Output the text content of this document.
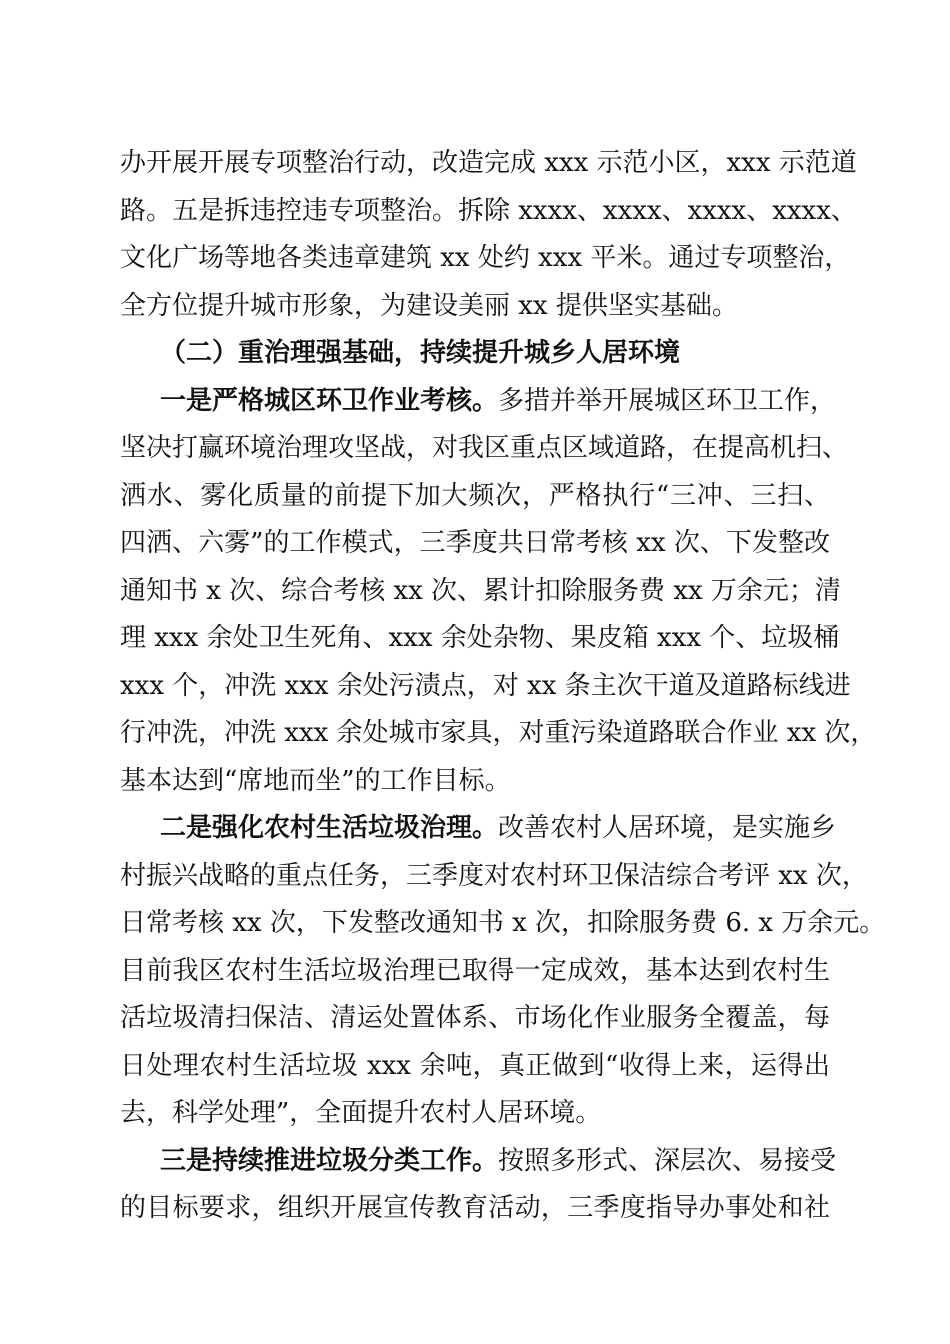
办开展开展专项整治行动，改造完成 xxx 示范小区，xxx 示范道
路。五是拆违控违专项整治。拆除 xxxx、xxxx、xxxx、xxxx、
文化广场等地各类违章建筑 xx 处约 xxx 平米。通过专项整治，
全方位提升城市形象，为建设美丽 xx 提供坚实基础。
（二）重治理强基础，持续提升城乡人居环境
一是严格城区环卫作业考核。多措并举开展城区环卫工作，
坚决打赢环境治理攻坚战，对我区重点区域道路，在提高机扫、
洒水、雾化质量的前提下加大频次，严格执行“三冲、三扫、
四洒、六雾”的工作模式，三季度共日常考核 xx 次、下发整改
通知书 x 次、综合考核 xx 次、累计扣除服务费 xx 万余元；清
理 xxx 余处卫生死角、xxx 余处杂物、果皮箱 xxx 个、垃圾桶
xxx 个，冲洗 xxx 余处污渍点，对 xx 条主次干道及道路标线进
行冲洗，冲洗 xxx 余处城市家具，对重污染道路联合作业 xx 次，
基本达到“席地而坐”的工作目标。
二是强化农村生活垃圾治理。改善农村人居环境，是实施乡
村振兴战略的重点任务，三季度对农村环卫保洁综合考评 xx 次，
日常考核 xx 次，下发整改通知书 x 次，扣除服务费 6. x 万余元。
目前我区农村生活垃圾治理已取得一定成效，基本达到农村生
活垃圾清扫保洁、清运处置体系、市场化作业服务全覆盖，每
日处理农村生活垃圾 xxx 余吨，真正做到“收得上来，运得出
去，科学处理”，全面提升农村人居环境。
三是持续推进垃圾分类工作。按照多形式、深层次、易接受
的目标要求，组织开展宣传教育活动，三季度指导办事处和社
